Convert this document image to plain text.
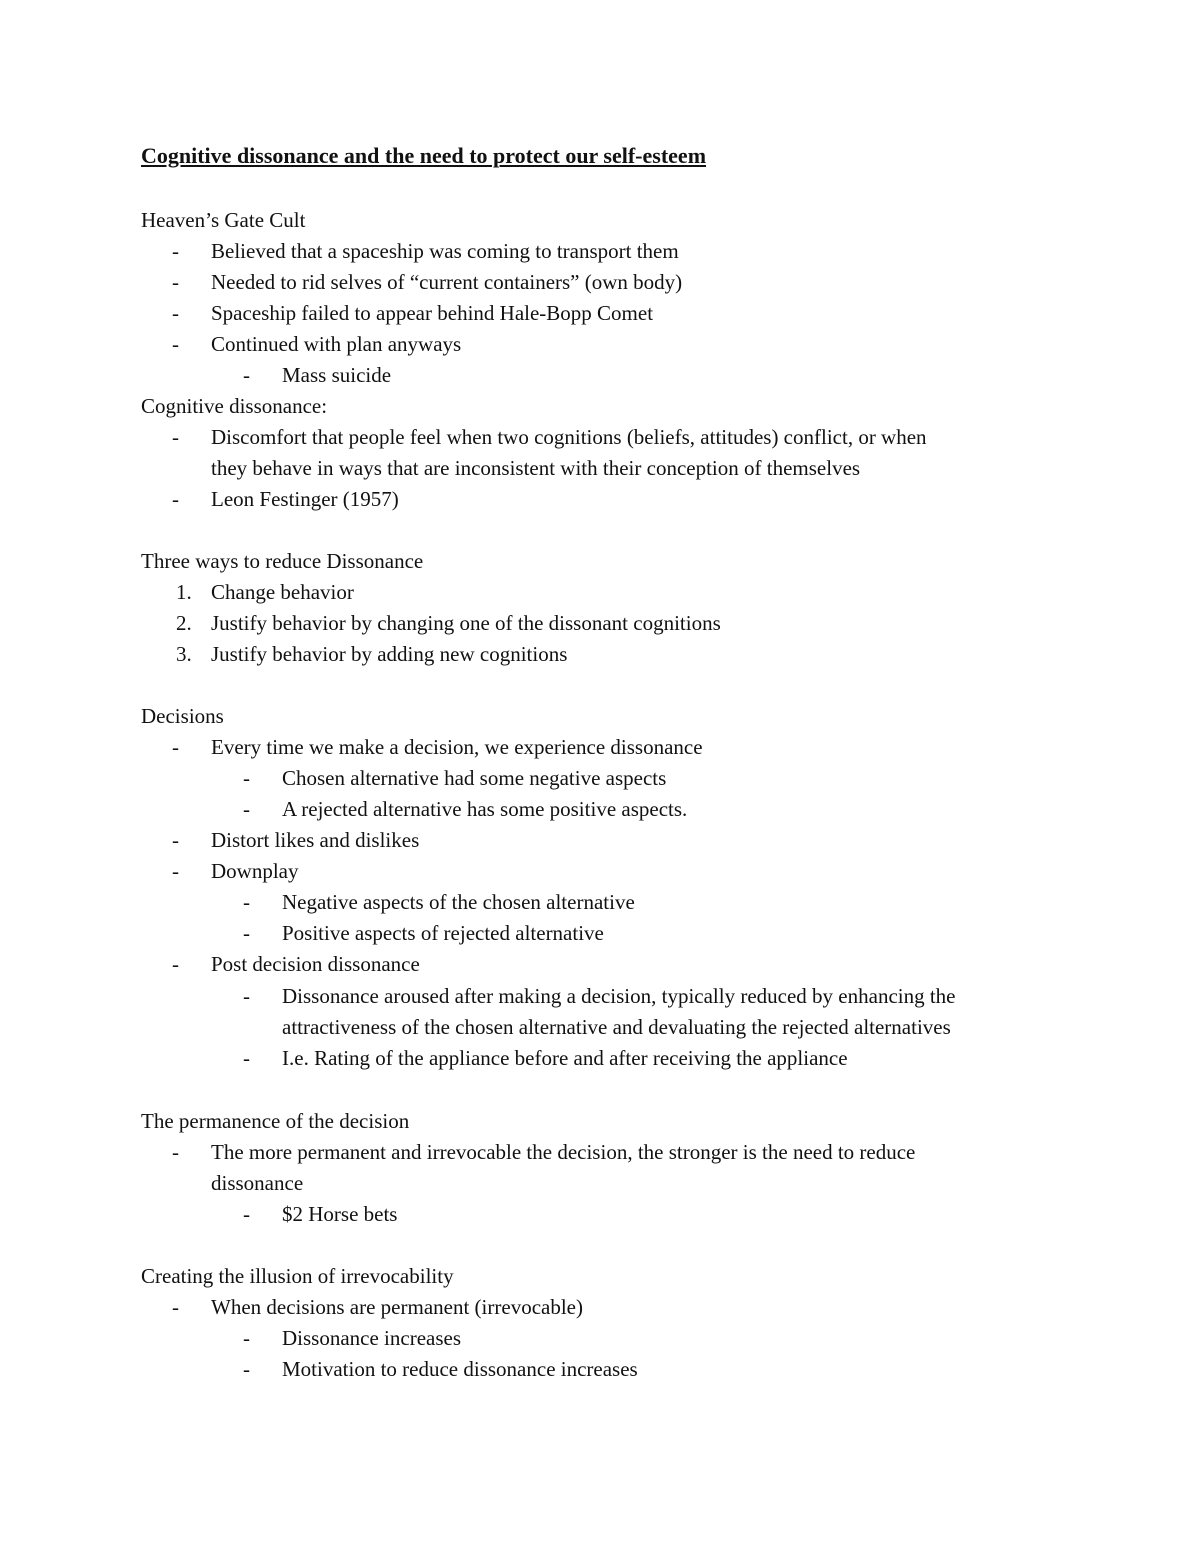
Cognitive dissonance and the need to protect our self-esteem
Heaven’s Gate Cult
- Believed that a spaceship was coming to transport them
- Needed to rid selves of “current containers” (own body)
- Spaceship failed to appear behind Hale-Bopp Comet
- Continued with plan anyways
- Mass suicide
Cognitive dissonance:
- Discomfort that people feel when two cognitions (beliefs, attitudes) conflict, or when
they behave in ways that are inconsistent with their conception of themselves
- Leon Festinger (1957)
Three ways to reduce Dissonance
1. Change behavior
2. Justify behavior by changing one of the dissonant cognitions
3. Justify behavior by adding new cognitions
Decisions
- Every time we make a decision, we experience dissonance
- Chosen alternative had some negative aspects
- A rejected alternative has some positive aspects.
- Distort likes and dislikes
- Downplay
- Negative aspects of the chosen alternative
- Positive aspects of rejected alternative
- Post decision dissonance
- Dissonance aroused after making a decision, typically reduced by enhancing the
attractiveness of the chosen alternative and devaluating the rejected alternatives
- I.e. Rating of the appliance before and after receiving the appliance
The permanence of the decision
- The more permanent and irrevocable the decision, the stronger is the need to reduce
dissonance
- $2 Horse bets
Creating the illusion of irrevocability
- When decisions are permanent (irrevocable)
- Dissonance increases
- Motivation to reduce dissonance increases
